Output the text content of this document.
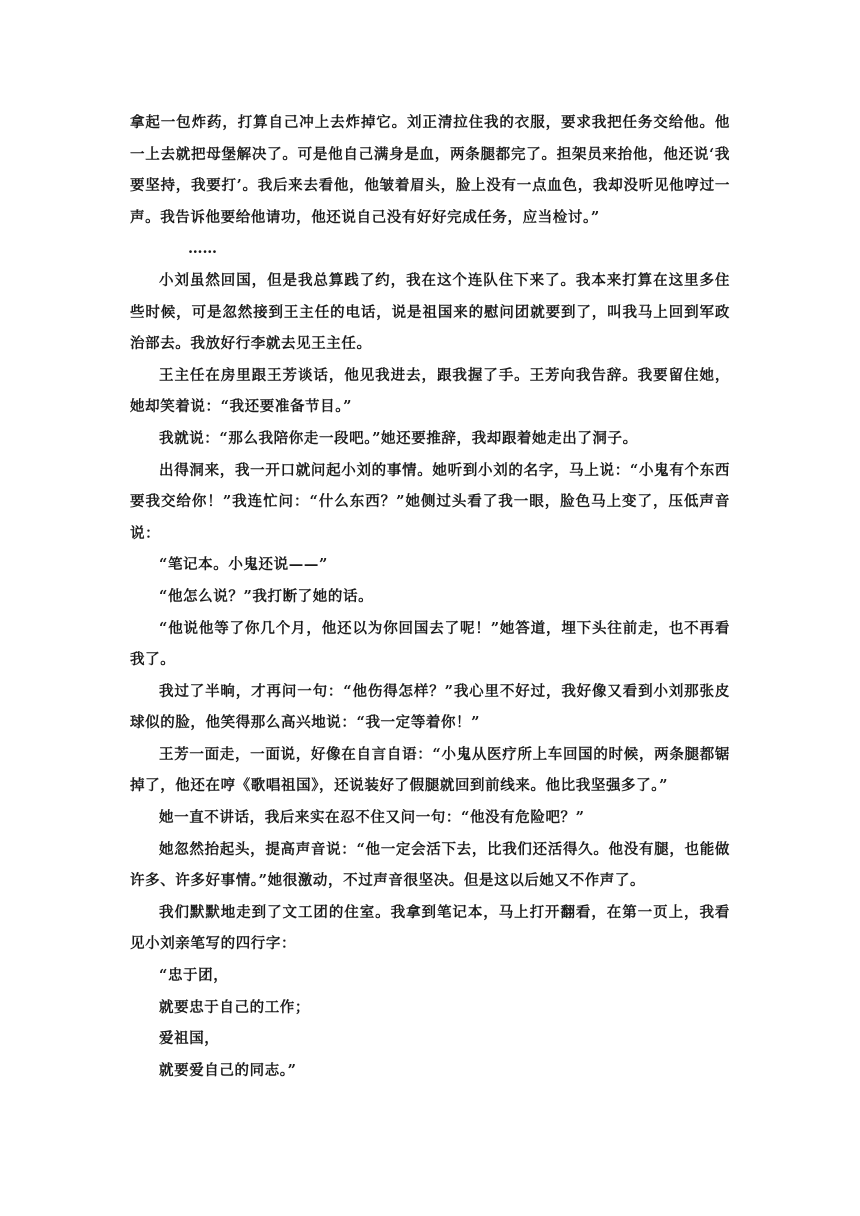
拿起一包炸药，打算自己冲上去炸掉它。刘正清拉住我的衣服，要求我把任务交给他。他一上去就把母堡解决了。可是他自己满身是血，两条腿都完了。担架员来抬他，他还说‘我要坚持，我要打’。我后来去看他，他皱着眉头，脸上没有一点血色，我却没听见他哼过一声。我告诉他要给他请功，他还说自己没有好好完成任务，应当检讨。”

……

小刘虽然回国，但是我总算践了约，我在这个连队住下来了。我本来打算在这里多住些时候，可是忽然接到王主任的电话，说是祖国来的慰问团就要到了，叫我马上回到军政治部去。我放好行李就去见王主任。

王主任在房里跟王芳谈话，他见我进去，跟我握了手。王芳向我告辞。我要留住她，她却笑着说：“我还要准备节目。”

我就说：“那么我陪你走一段吧。”她还要推辞，我却跟着她走出了洞子。

出得洞来，我一开口就问起小刘的事情。她听到小刘的名字，马上说：“小鬼有个东西要我交给你！”我连忙问：“什么东西？”她侧过头看了我一眼，脸色马上变了，压低声音说：

“笔记本。小鬼还说——”

“他怎么说？”我打断了她的话。

“他说他等了你几个月，他还以为你回国去了呢！”她答道，埋下头往前走，也不再看我了。

我过了半晌，才再问一句：“他伤得怎样？”我心里不好过，我好像又看到小刘那张皮球似的脸，他笑得那么高兴地说：“我一定等着你！”

王芳一面走，一面说，好像在自言自语：“小鬼从医疗所上车回国的时候，两条腿都锯掉了，他还在哼《歌唱祖国》，还说装好了假腿就回到前线来。他比我坚强多了。”

她一直不讲话，我后来实在忍不住又问一句：“他没有危险吧？”

她忽然抬起头，提高声音说：“他一定会活下去，比我们还活得久。他没有腿，也能做许多、许多好事情。”她很激动，不过声音很坚决。但是这以后她又不作声了。

我们默默地走到了文工团的住室。我拿到笔记本，马上打开翻看，在第一页上，我看见小刘亲笔写的四行字：

“忠于团，

就要忠于自己的工作；

爱祖国，

就要爱自己的同志。”
